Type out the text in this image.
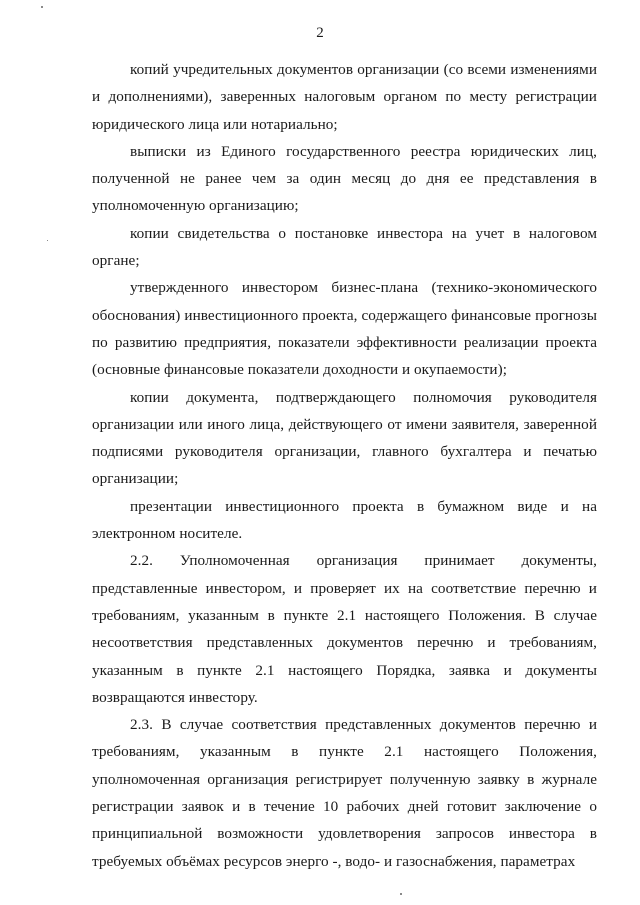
2

копий учредительных документов организации (со всеми изменениями и дополнениями), заверенных налоговым органом по месту регистрации юридического лица или нотариально;

выписки из Единого государственного реестра юридических лиц, полученной не ранее чем за один месяц до дня ее представления в уполномоченную организацию;

копии свидетельства о постановке инвестора на учет в налоговом органе;

утвержденного инвестором бизнес-плана (технико-экономического обоснования) инвестиционного проекта, содержащего финансовые прогнозы по развитию предприятия, показатели эффективности реализации проекта (основные финансовые показатели доходности и окупаемости);

копии документа, подтверждающего полномочия руководителя организации или иного лица, действующего от имени заявителя, заверенной подписями руководителя организации, главного бухгалтера и печатью организации;

презентации инвестиционного проекта в бумажном виде и на электронном носителе.

2.2. Уполномоченная организация принимает документы, представленные инвестором, и проверяет их на соответствие перечню и требованиям, указанным в пункте 2.1 настоящего Положения. В случае несоответствия представленных документов перечню и требованиям, указанным в пункте 2.1 настоящего Порядка, заявка и документы возвращаются инвестору.

2.3. В случае соответствия представленных документов перечню и требованиям, указанным в пункте 2.1 настоящего Положения, уполномоченная организация регистрирует полученную заявку в журнале регистрации заявок и в течение 10 рабочих дней готовит заключение о принципиальной возможности удовлетворения запросов инвестора в требуемых объёмах ресурсов энерго -, водо- и газоснабжения, параметрах
